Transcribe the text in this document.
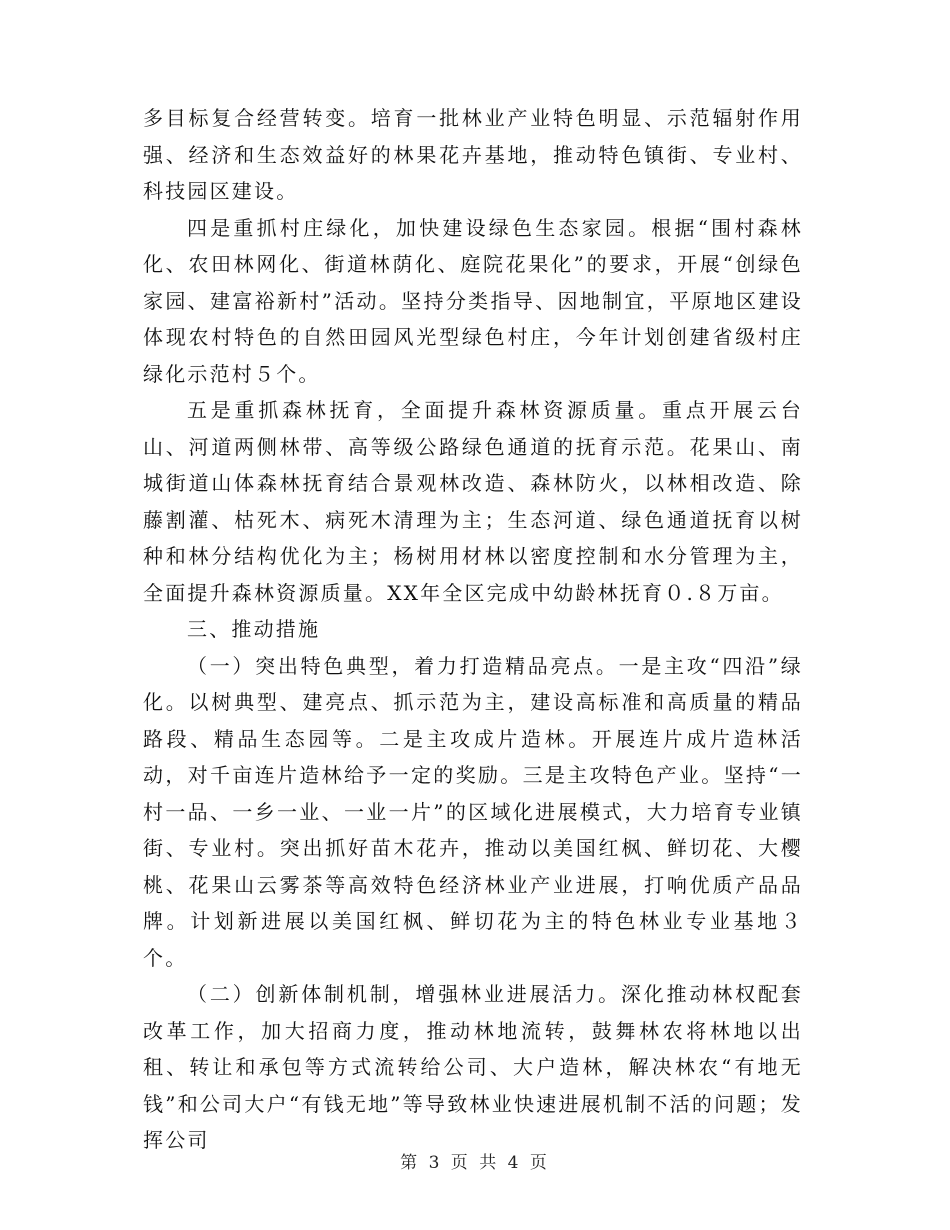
多目标复合经营转变。培育一批林业产业特色明显、示范辐射作用强、经济和生态效益好的林果花卉基地，推动特色镇街、专业村、科技园区建设。

四是重抓村庄绿化，加快建设绿色生态家园。根据“围村森林化、农田林网化、街道林荫化、庭院花果化”的要求，开展“创绿色家园、建富裕新村”活动。坚持分类指导、因地制宜，平原地区建设体现农村特色的自然田园风光型绿色村庄，今年计划创建省级村庄绿化示范村５个。

五是重抓森林抚育，全面提升森林资源质量。重点开展云台山、河道两侧林带、高等级公路绿色通道的抚育示范。花果山、南城街道山体森林抚育结合景观林改造、森林防火，以林相改造、除藤割灌、枯死木、病死木清理为主；生态河道、绿色通道抚育以树种和林分结构优化为主；杨树用材林以密度控制和水分管理为主，全面提升森林资源质量。XX年全区完成中幼龄林抚育０.８万亩。

三、推动措施

（一）突出特色典型，着力打造精品亮点。一是主攻“四沿”绿化。以树典型、建亮点、抓示范为主，建设高标准和高质量的精品路段、精品生态园等。二是主攻成片造林。开展连片成片造林活动，对千亩连片造林给予一定的奖励。三是主攻特色产业。坚持“一村一品、一乡一业、一业一片”的区域化进展模式，大力培育专业镇街、专业村。突出抓好苗木花卉，推动以美国红枫、鲜切花、大樱桃、花果山云雾茶等高效特色经济林业产业进展，打响优质产品品牌。计划新进展以美国红枫、鲜切花为主的特色林业专业基地３个。

（二）创新体制机制，增强林业进展活力。深化推动林权配套改革工作，加大招商力度，推动林地流转，鼓舞林农将林地以出租、转让和承包等方式流转给公司、大户造林，解决林农“有地无钱”和公司大户“有钱无地”等导致林业快速进展机制不活的问题；发挥公司

第 3 页 共 4 页
